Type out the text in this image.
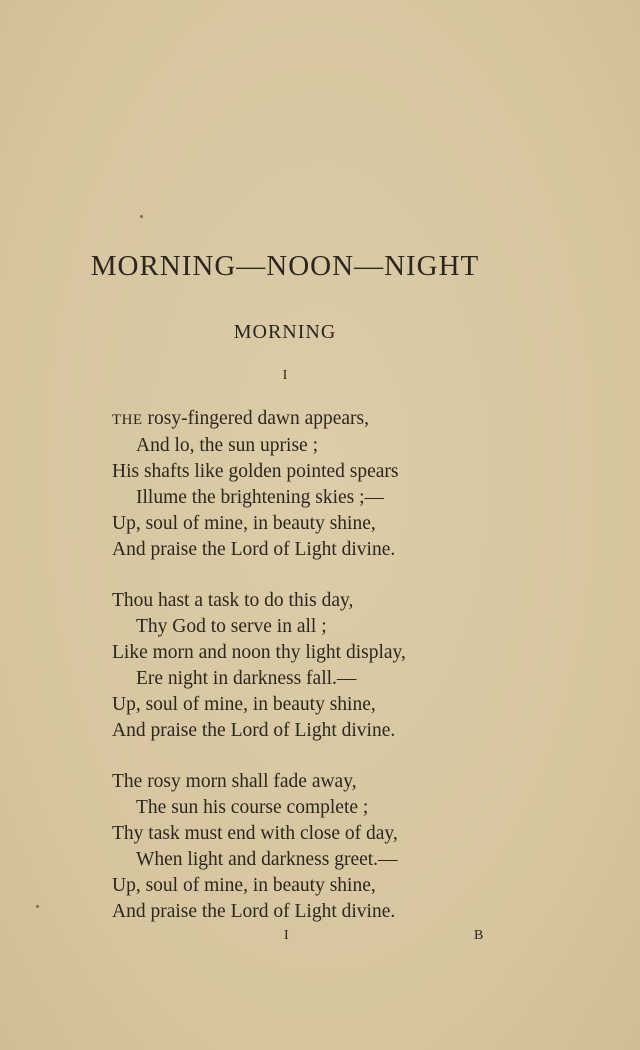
MORNING—NOON—NIGHT
MORNING
I
THE rosy-fingered dawn appears,
And lo, the sun uprise ;
His shafts like golden pointed spears
Illume the brightening skies ;—
Up, soul of mine, in beauty shine,
And praise the Lord of Light divine.
Thou hast a task to do this day,
Thy God to serve in all ;
Like morn and noon thy light display,
Ere night in darkness fall.—
Up, soul of mine, in beauty shine,
And praise the Lord of Light divine.
The rosy morn shall fade away,
The sun his course complete ;
Thy task must end with close of day,
When light and darkness greet.—
Up, soul of mine, in beauty shine,
And praise the Lord of Light divine.
I	B
